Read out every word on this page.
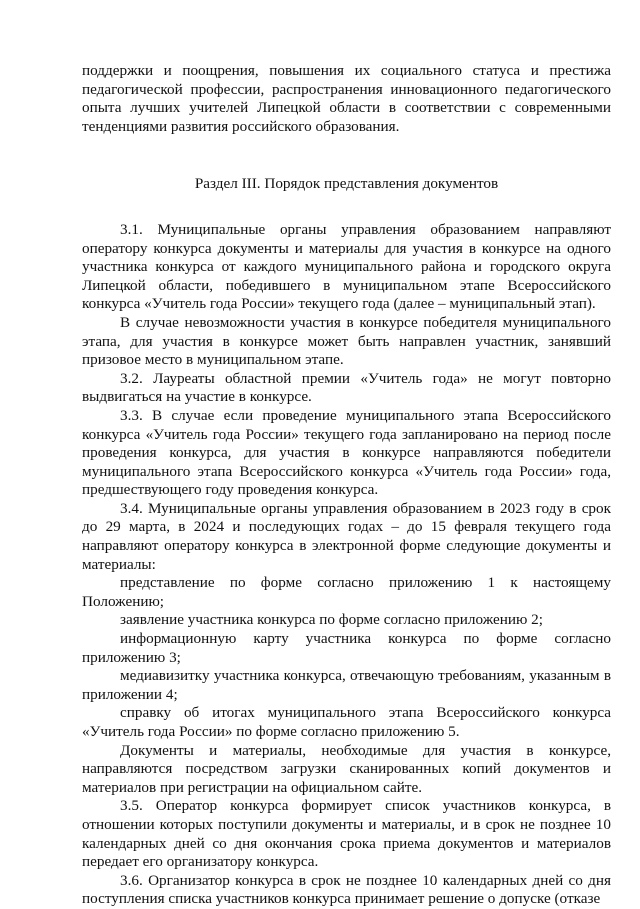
поддержки и поощрения, повышения их социального статуса и престижа педагогической профессии, распространения инновационного педагогического опыта лучших учителей Липецкой области в соответствии с современными тенденциями развития российского образования.

Раздел III. Порядок представления документов

3.1. Муниципальные органы управления образованием направляют оператору конкурса документы и материалы для участия в конкурсе на одного участника конкурса от каждого муниципального района и городского округа Липецкой области, победившего в муниципальном этапе Всероссийского конкурса «Учитель года России» текущего года (далее – муниципальный этап).

В случае невозможности участия в конкурсе победителя муниципального этапа, для участия в конкурсе может быть направлен участник, занявший призовое место в муниципальном этапе.

3.2. Лауреаты областной премии «Учитель года» не могут повторно выдвигаться на участие в конкурсе.

3.3. В случае если проведение муниципального этапа Всероссийского конкурса «Учитель года России» текущего года запланировано на период после проведения конкурса, для участия в конкурсе направляются победители муниципального этапа Всероссийского конкурса «Учитель года России» года, предшествующего году проведения конкурса.

3.4. Муниципальные органы управления образованием в 2023 году в срок до 29 марта, в 2024 и последующих годах – до 15 февраля текущего года направляют оператору конкурса в электронной форме следующие документы и материалы:

представление по форме согласно приложению 1 к настоящему Положению;

заявление участника конкурса по форме согласно приложению 2;

информационную карту участника конкурса по форме согласно приложению 3;

медиавизитку участника конкурса, отвечающую требованиям, указанным в приложении 4;

справку об итогах муниципального этапа Всероссийского конкурса «Учитель года России» по форме согласно приложению 5.

Документы и материалы, необходимые для участия в конкурсе, направляются посредством загрузки сканированных копий документов и материалов при регистрации на официальном сайте.

3.5. Оператор конкурса формирует список участников конкурса, в отношении которых поступили документы и материалы, и в срок не позднее 10 календарных дней со дня окончания срока приема документов и материалов передает его организатору конкурса.

3.6. Организатор конкурса в срок не позднее 10 календарных дней со дня поступления списка участников конкурса принимает решение о допуске (отказе
